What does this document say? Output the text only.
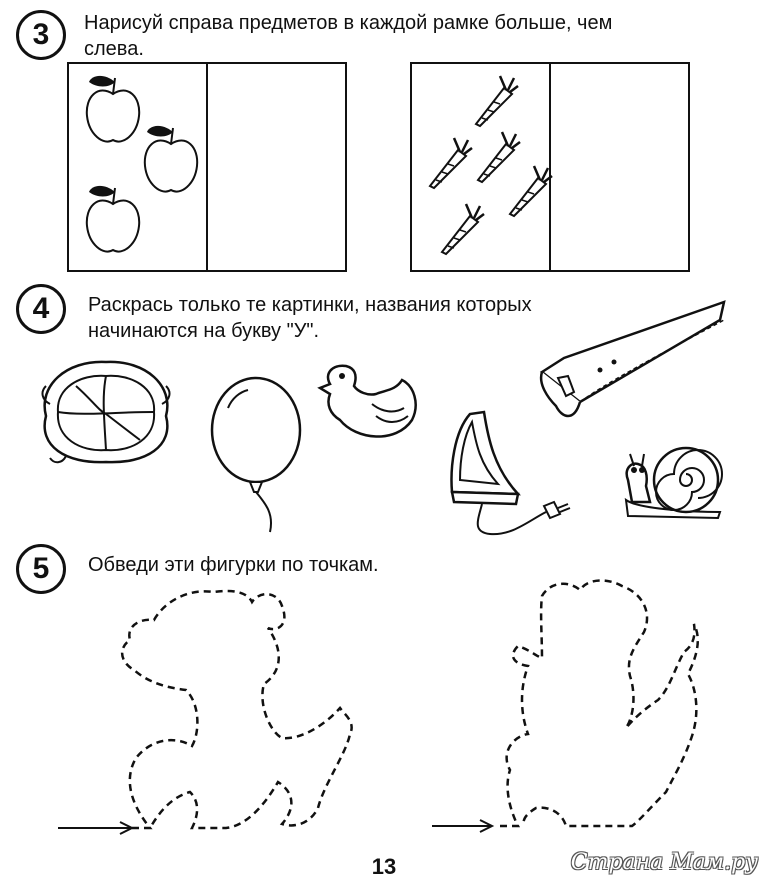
3	Нарисуй справа предметов в каждой рамке больше, чем
слева.
4	Раскрась только те картинки, названия которых
начинаются на букву "У".
5	Обведи эти фигурки по точкам.
13	Страна Мам.ру
